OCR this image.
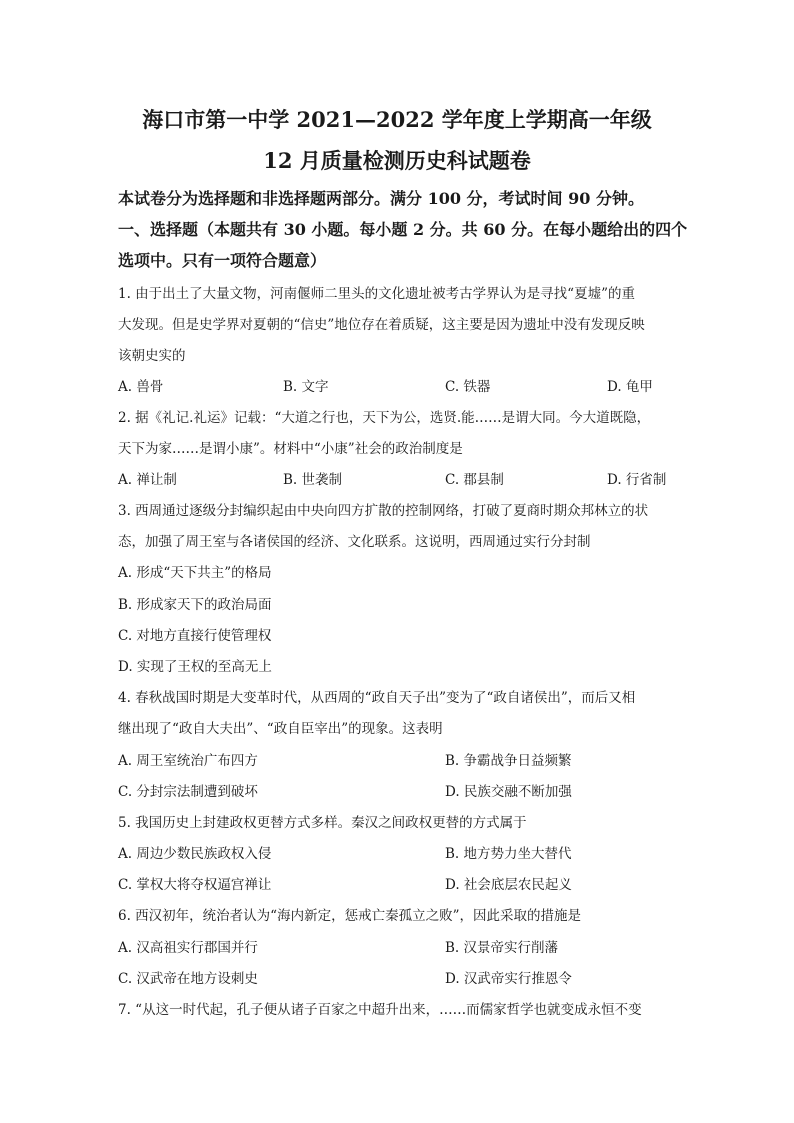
海口市第一中学 2021—2022 学年度上学期高一年级
12 月质量检测历史科试题卷
本试卷分为选择题和非选择题两部分。满分 100 分，考试时间 90 分钟。
一、选择题（本题共有 30 小题。每小题 2 分。共 60 分。在每小题给出的四个
选项中。只有一项符合题意）
1. 由于出土了大量文物，河南偃师二里头的文化遗址被考古学界认为是寻找“夏墟”的重
大发现。但是史学界对夏朝的“信史”地位存在着质疑，这主要是因为遗址中没有发现反映
该朝史实的
A. 兽骨	B. 文字	C. 铁器	D. 龟甲
2. 据《礼记.礼运》记载：“大道之行也，天下为公，选贤.能……是谓大同。今大道既隐，
天下为家……是谓小康”。材料中“小康”社会的政治制度是
A. 禅让制	B. 世袭制	C. 郡县制	D. 行省制
3. 西周通过逐级分封编织起由中央向四方扩散的控制网络，打破了夏商时期众邦林立的状
态，加强了周王室与各诸侯国的经济、文化联系。这说明，西周通过实行分封制
A. 形成“天下共主”的格局
B. 形成家天下的政治局面
C. 对地方直接行使管理权
D. 实现了王权的至高无上
4. 春秋战国时期是大变革时代，从西周的“政自天子出”变为了“政自诸侯出”，而后又相
继出现了“政自大夫出”、“政自臣宰出”的现象。这表明
A. 周王室统治广布四方	B. 争霸战争日益频繁
C. 分封宗法制遭到破坏	D. 民族交融不断加强
5. 我国历史上封建政权更替方式多样。秦汉之间政权更替的方式属于
A. 周边少数民族政权入侵	B. 地方势力坐大替代
C. 掌权大将夺权逼宫禅让	D. 社会底层农民起义
6. 西汉初年，统治者认为“海内新定，惩戒亡秦孤立之败”，因此采取的措施是
A. 汉高祖实行郡国并行	B. 汉景帝实行削藩
C. 汉武帝在地方设刺史	D. 汉武帝实行推恩令
7. “从这一时代起，孔子便从诸子百家之中超升出来，……而儒家哲学也就变成永恒不变
